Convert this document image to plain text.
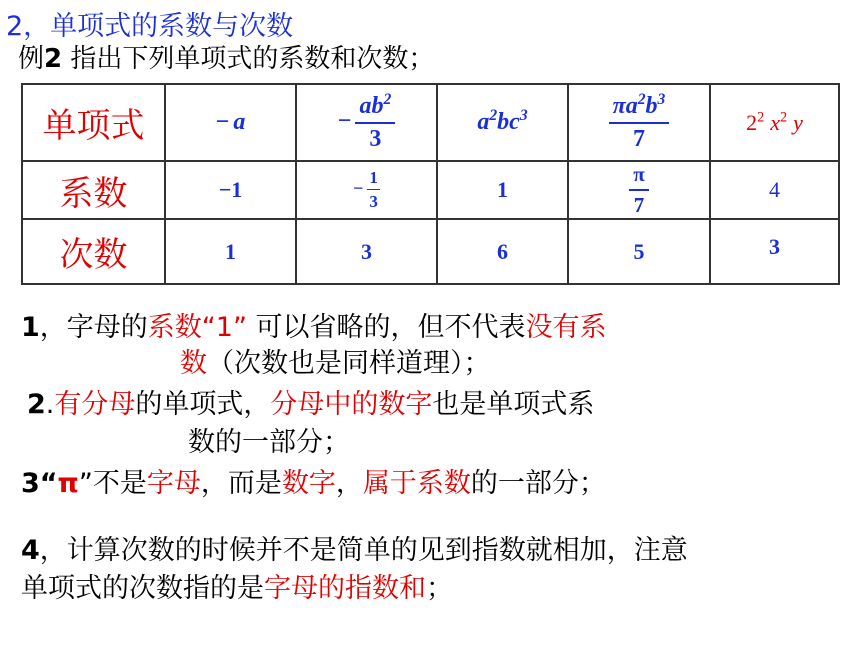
2，单项式的系数与次数
例2 指出下列单项式的系数和次数；
单项式	− a	− $\frac{ab^2}{3}$	$a^2bc^3$	$\frac{\pi a^2b^3}{7}$	$2^2$ $x^2$ y
系数	−1	− $\frac{1}{3}$	1	$\frac{\pi}{7}$	4
次数	1	3	6	5	3
1，字母的系数“1” 可以省略的，但不代表没有系
数（次数也是同样道理）；
2.有分母的单项式，分母中的数字也是单项式系
数的一部分；
3“π”不是字母，而是数字，属于系数的一部分；
4，计算次数的时候并不是简单的见到指数就相加，注意
单项式的次数指的是字母的指数和；
